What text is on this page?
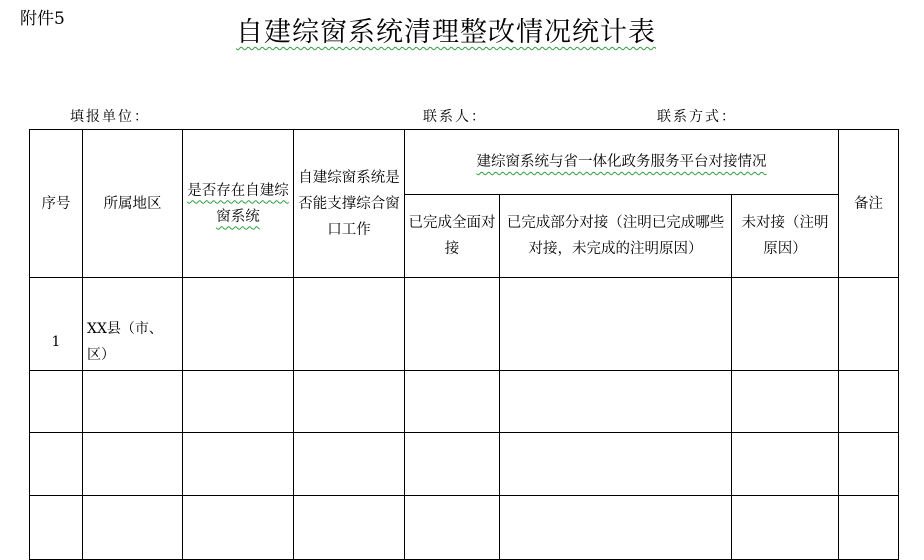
附件5	自建综窗系统清理整改情况统计表
填报单位：	联系人：	联系方式：
序号	所属地区	是否存在自建综窗系统	自建综窗系统是否能支撑综合窗口工作	建综窗系统与省一体化政务服务平台对接情况			备注
				已完成全面对接	已完成部分对接（注明已完成哪些对接，未完成的注明原因）	未对接（注明原因）	
1	XX县（市、区）						
